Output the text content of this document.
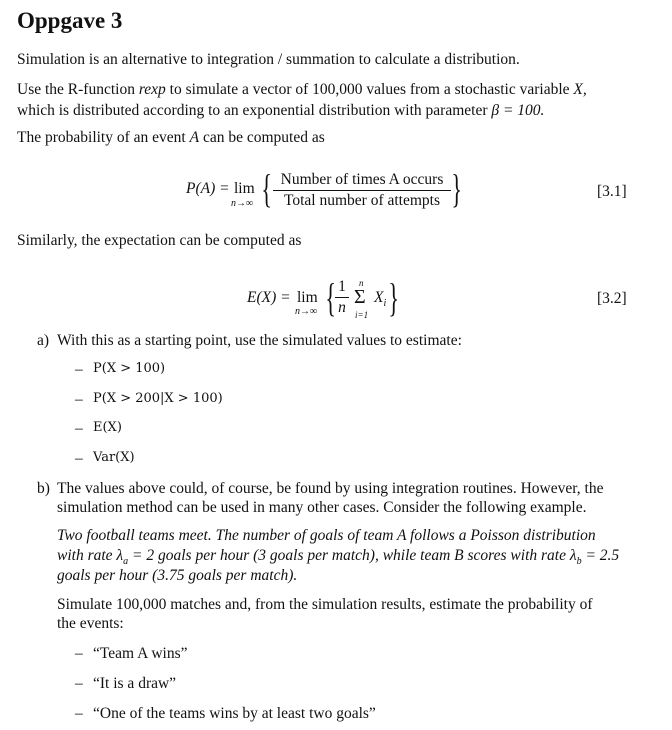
Oppgave 3
Simulation is an alternative to integration / summation to calculate a distribution.
Use the R-function rexp to simulate a vector of 100,000 values from a stochastic variable X,
which is distributed according to an exponential distribution with parameter β = 100.
The probability of an event A can be computed as
P(A) = lim
n→∞ { Number of times A occurs
Total number of attempts }	[3.1]
Similarly, the expectation can be computed as
E(X) = lim
n→∞ { 1
n
n
Σ
i=1
$X_i$ }	[3.2]
a) With this as a starting point, use the simulated values to estimate:
– P(X > 100)
– P(X > 200|X > 100)
– E(X)
– Var(X)
b) The values above could, of course, be found by using integration routines. However, the
simulation method can be used in many other cases. Consider the following example.
Two football teams meet. The number of goals of team A follows a Poisson distribution
with rate $\lambda_a = 2$ goals per hour (3 goals per match), while team B scores with rate $\lambda_b = 2.5$
goals per hour (3.75 goals per match).
Simulate 100,000 matches and, from the simulation results, estimate the probability of
the events:
– “Team A wins”
– “It is a draw”
– “One of the teams wins by at least two goals”
